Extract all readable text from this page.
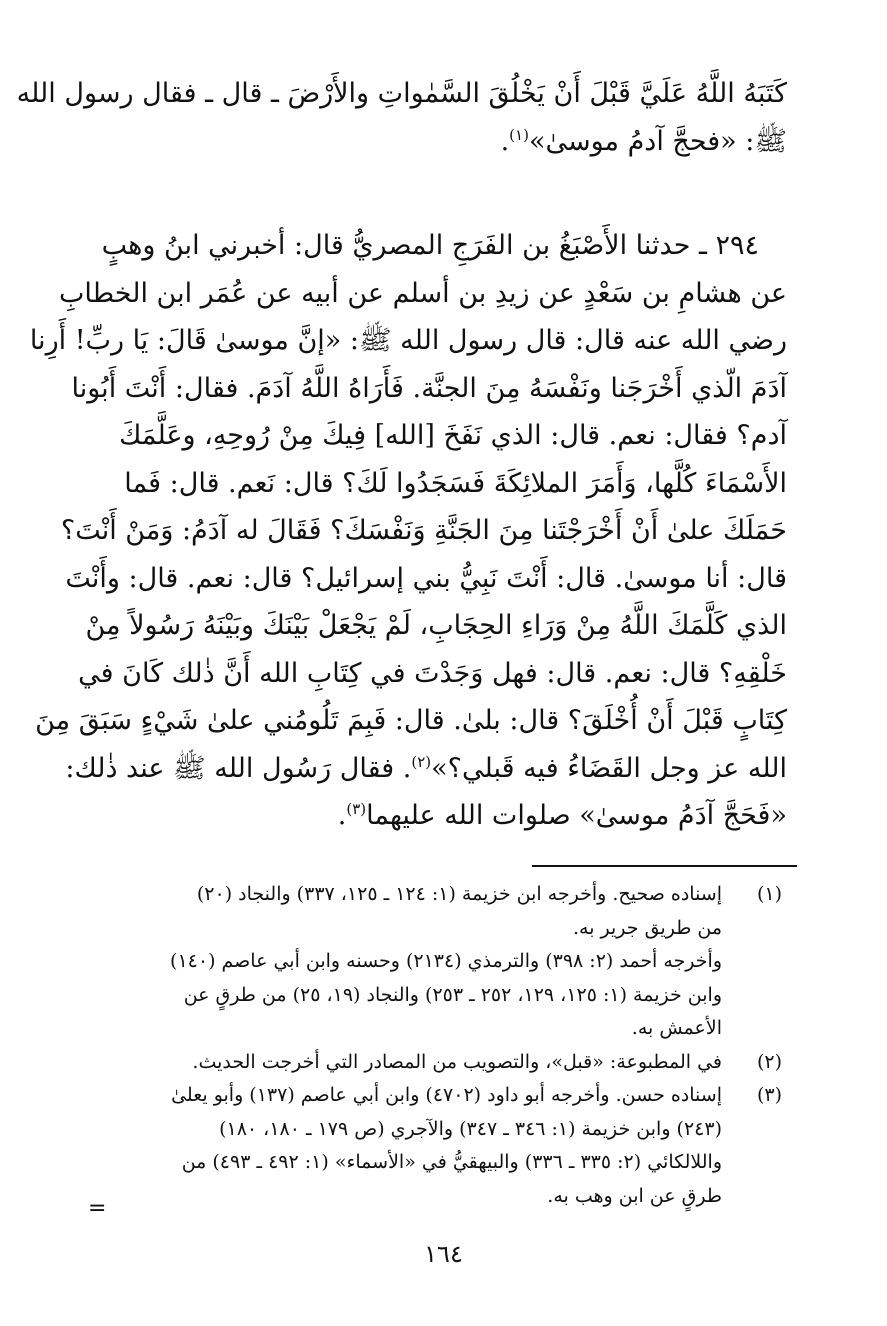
كَتَبَهُ اللَّهُ عَلَيَّ قَبْلَ أَنْ يَخْلُقَ السَّمٰواتِ والأَرْضَ ـ قال ـ فقال رسول الله
ﷺ: «فحجَّ آدمُ موسىٰ»$^{(١)}$.
٢٩٤ ـ حدثنا الأَصْبَغُ بن الفَرَجِ المصريُّ قال: أخبرني ابنُ وهبٍ
عن هشامِ بن سَعْدٍ عن زيدِ بن أسلم عن أبيه عن عُمَر ابن الخطابِ
رضي الله عنه قال: قال رسول الله ﷺ: «إنَّ موسىٰ قَالَ: يَا ربِّ! أَرِنا
آدَمَ الّذي أَخْرَجَنا ونَفْسَهُ مِنَ الجنَّة. فَأَرَاهُ اللَّهُ آدَمَ. فقال: أَنْتَ أَبُونا
آدم؟ فقال: نعم. قال: الذي نَفَخَ [الله] فِيكَ مِنْ رُوحِهِ، وعَلَّمَكَ
الأَسْمَاءَ كُلَّها، وَأَمَرَ الملائِكَةَ فَسَجَدُوا لَكَ؟ قال: نَعم. قال: فَما
حَمَلَكَ علىٰ أَنْ أَخْرَجْتَنا مِنَ الجَنَّةِ وَنَفْسَكَ؟ فَقَالَ له آدَمُ: وَمَنْ أَنْتَ؟
قال: أنا موسىٰ. قال: أَنْتَ نَبِيُّ بني إسرائيل؟ قال: نعم. قال: وأَنْتَ
الذي كَلَّمَكَ اللَّهُ مِنْ وَرَاءِ الحِجَابِ، لَمْ يَجْعَلْ بَيْنَكَ وبَيْنَهُ رَسُولاً مِنْ
خَلْقِهِ؟ قال: نعم. قال: فهل وَجَدْتَ في كِتَابِ الله أَنَّ ذٰلك كَانَ في
كِتَابٍ قَبْلَ أَنْ أُخْلَقَ؟ قال: بلىٰ. قال: فَبِمَ تَلُومُني علىٰ شَيْءٍ سَبَقَ مِنَ
الله عز وجل القَضَاءُ فيه قَبلي؟»$^{(٢)}$. فقال رَسُول الله ﷺ عند ذٰلك:
«فَحَجَّ آدَمُ موسىٰ» صلوات الله عليهما$^{(٣)}$.
(١)
إسناده صحيح. وأخرجه ابن خزيمة (١: ١٢٤ ـ ١٢٥، ٣٣٧) والنجاد (٢٠)
من طريق جرير به.
وأخرجه أحمد (٢: ٣٩٨) والترمذي (٢١٣٤) وحسنه وابن أبي عاصم (١٤٠)
وابن خزيمة (١: ١٢٥، ١٢٩، ٢٥٢ ـ ٢٥٣) والنجاد (١٩، ٢٥) من طرقٍ عن
الأعمش به.
(٢)
في المطبوعة: «قبل»، والتصويب من المصادر التي أخرجت الحديث.
(٣)
إسناده حسن. وأخرجه أبو داود (٤٧٠٢) وابن أبي عاصم (١٣٧) وأبو يعلىٰ
(٢٤٣) وابن خزيمة (١: ٣٤٦ ـ ٣٤٧) والآجري (ص ١٧٩ ـ ١٨٠، ١٨٠)
واللالكائي (٢: ٣٣٥ ـ ٣٣٦) والبيهقيُّ في «الأسماء» (١: ٤٩٢ ـ ٤٩٣) من
طرقٍ عن ابن وهب به.
=
١٦٤
